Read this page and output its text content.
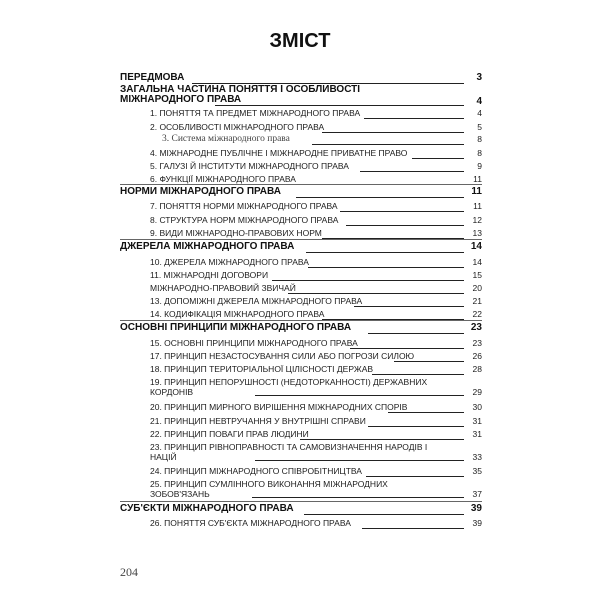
ЗМІСТ
ПЕРЕДМОВА	3
ЗАГАЛЬНА ЧАСТИНА ПОНЯТТЯ І ОСОБЛИВОСТІ МІЖНАРОДНОГО ПРАВА	4
1. ПОНЯТТЯ ТА ПРЕДМЕТ МІЖНАРОДНОГО ПРАВА	4
2. ОСОБЛИВОСТІ МІЖНАРОДНОГО ПРАВА	5
3. Система міжнародного права	8
4. МІЖНАРОДНЕ ПУБЛІЧНЕ І МІЖНАРОДНЕ ПРИВАТНЕ ПРАВО	8
5. ГАЛУЗІ Й ІНСТИТУТИ МІЖНАРОДНОГО ПРАВА	9
6. ФУНКЦІЇ МІЖНАРОДНОГО ПРАВА	11
НОРМИ МІЖНАРОДНОГО ПРАВА	11
7. ПОНЯТТЯ НОРМИ МІЖНАРОДНОГО ПРАВА	11
8. СТРУКТУРА НОРМ МІЖНАРОДНОГО ПРАВА	12
9. ВИДИ МІЖНАРОДНО-ПРАВОВИХ НОРМ	13
ДЖЕРЕЛА МІЖНАРОДНОГО ПРАВА	14
10. ДЖЕРЕЛА МІЖНАРОДНОГО ПРАВА	14
11. МІЖНАРОДНІ ДОГОВОРИ	15
МІЖНАРОДНО-ПРАВОВИЙ ЗВИЧАЙ	20
13. ДОПОМІЖНІ ДЖЕРЕЛА МІЖНАРОДНОГО ПРАВА	21
14. КОДИФІКАЦІЯ МІЖНАРОДНОГО ПРАВА	22
ОСНОВНІ ПРИНЦИПИ МІЖНАРОДНОГО ПРАВА	23
15. ОСНОВНІ ПРИНЦИПИ МІЖНАРОДНОГО ПРАВА	23
17. ПРИНЦИП НЕЗАСТОСУВАННЯ СИЛИ АБО ПОГРОЗИ СИЛОЮ	26
18. ПРИНЦИП ТЕРИТОРІАЛЬНОЇ ЦІЛІСНОСТІ ДЕРЖАВ	28
19. ПРИНЦИП НЕПОРУШНОСТІ (НЕДОТОРКАННОСТІ) ДЕРЖАВНИХ КОРДОНІВ	29
20. ПРИНЦИП МИРНОГО ВИРІШЕННЯ МІЖНАРОДНИХ СПОРІВ	30
21. ПРИНЦИП НЕВТРУЧАННЯ У ВНУТРІШНІ СПРАВИ	31
22. ПРИНЦИП ПОВАГИ ПРАВ ЛЮДИНИ	31
23. ПРИНЦИП РІВНОПРАВНОСТІ ТА САМОВИЗНАЧЕННЯ НАРОДІВ І НАЦІЙ	33
24. ПРИНЦИП МІЖНАРОДНОГО СПІВРОБІТНИЦТВА	35
25. ПРИНЦИП СУМЛІННОГО ВИКОНАННЯ МІЖНАРОДНИХ ЗОБОВ'ЯЗАНЬ	37
СУБ'ЄКТИ МІЖНАРОДНОГО ПРАВА	39
26. ПОНЯТТЯ СУБ'ЄКТА МІЖНАРОДНОГО ПРАВА	39
204
